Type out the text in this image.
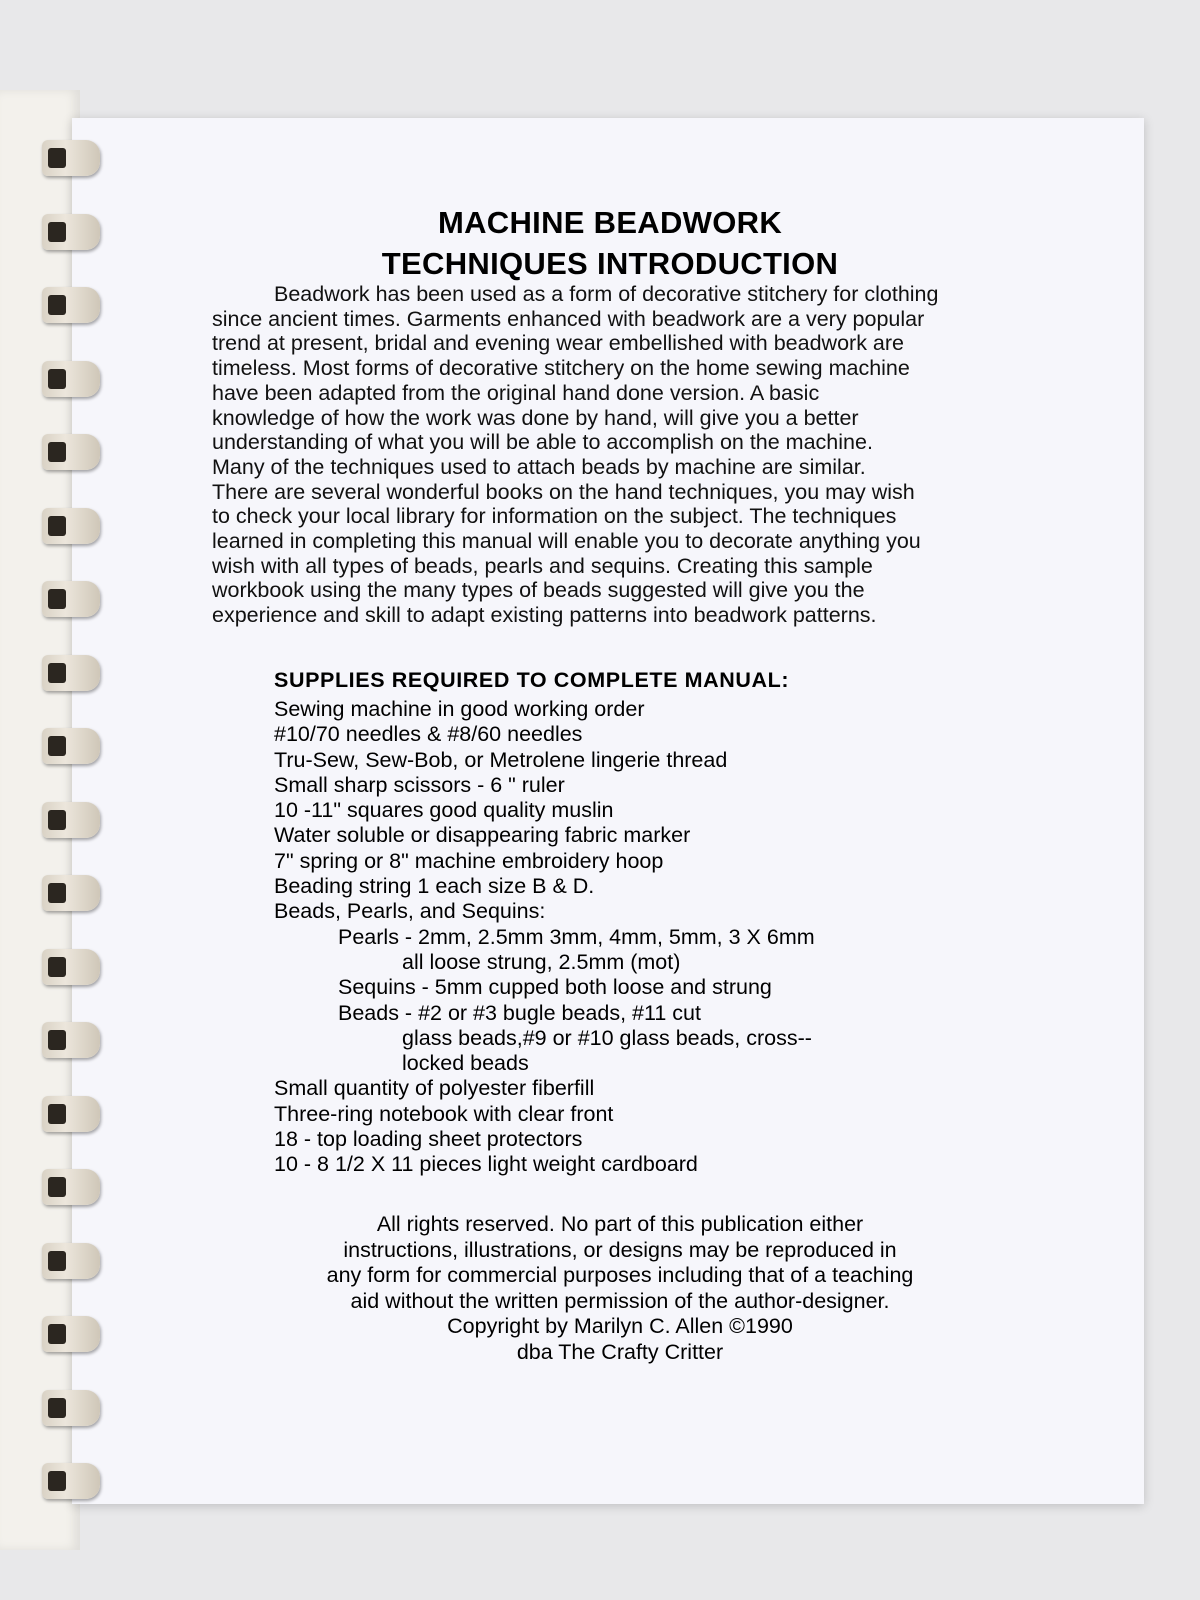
MACHINE BEADWORK
TECHNIQUES INTRODUCTION
Beadwork has been used as a form of decorative stitchery for clothing
since ancient times. Garments enhanced with beadwork are a very popular
trend at present, bridal and evening wear embellished with beadwork are
timeless. Most forms of decorative stitchery on the home sewing machine
have been adapted from the original hand done version. A basic
knowledge of how the work was done by hand, will give you a better
understanding of what you will be able to accomplish on the machine.
Many of the techniques used to attach beads by machine are similar.
There are several wonderful books on the hand techniques, you may wish
to check your local library for information on the subject. The techniques
learned in completing this manual will enable you to decorate anything you
wish with all types of beads, pearls and sequins. Creating this sample
workbook using the many types of beads suggested will give you the
experience and skill to adapt existing patterns into beadwork patterns.
SUPPLIES REQUIRED TO COMPLETE MANUAL:
Sewing machine in good working order
#10/70 needles & #8/60 needles
Tru-Sew, Sew-Bob, or Metrolene lingerie thread
Small sharp scissors - 6 " ruler
10 -11" squares good quality muslin
Water soluble or disappearing fabric marker
7" spring or 8" machine embroidery hoop
Beading string 1 each size B & D.
Beads, Pearls, and Sequins:
Pearls - 2mm, 2.5mm 3mm, 4mm, 5mm, 3 X 6mm
all loose strung, 2.5mm (mot)
Sequins - 5mm cupped both loose and strung
Beads - #2 or #3 bugle beads, #11 cut
glass beads,#9 or #10 glass beads, cross--
locked beads
Small quantity of polyester fiberfill
Three-ring notebook with clear front
18 - top loading sheet protectors
10 - 8 1/2 X 11 pieces light weight cardboard
All rights reserved. No part of this publication either
instructions, illustrations, or designs may be reproduced in
any form for commercial purposes including that of a teaching
aid without the written permission of the author-designer.
Copyright by Marilyn C. Allen ©1990
dba The Crafty Critter
